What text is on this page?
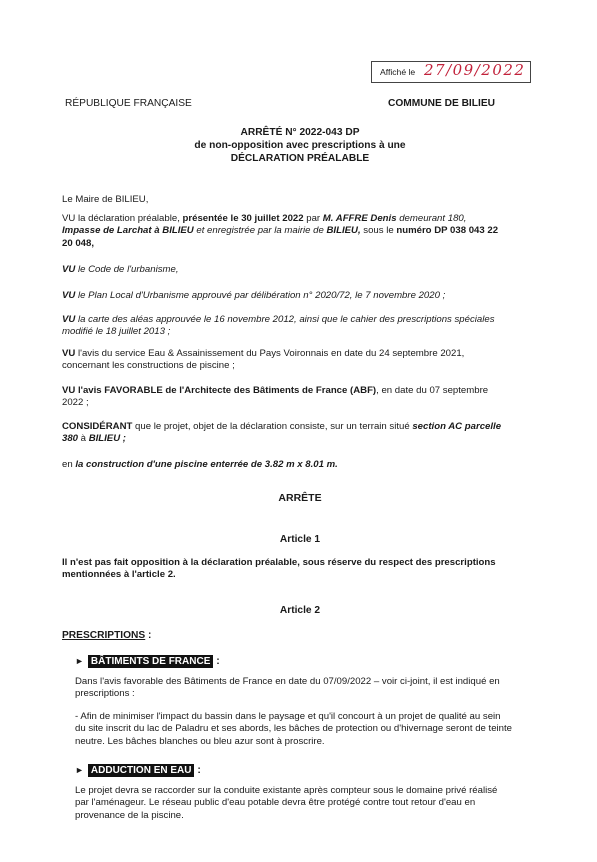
Affiché le 27/09/2022
RÉPUBLIQUE FRANÇAISE	COMMUNE DE BILIEU
ARRÊTÉ N° 2022-043 DP
de non-opposition avec prescriptions à une
DÉCLARATION PRÉALABLE
Le Maire de BILIEU,
VU la déclaration préalable, présentée le 30 juillet 2022 par M. AFFRE Denis demeurant 180,
Impasse de Larchat à BILIEU et enregistrée par la mairie de BILIEU, sous le numéro DP 038 043 22
20 048,
VU le Code de l'urbanisme,
VU le Plan Local d'Urbanisme approuvé par délibération n° 2020/72, le 7 novembre 2020 ;
VU la carte des aléas approuvée le 16 novembre 2012, ainsi que le cahier des prescriptions spéciales
modifié le 18 juillet 2013 ;
VU l'avis du service Eau & Assainissement du Pays Voironnais en date du 24 septembre 2021,
concernant les constructions de piscine ;
VU l'avis FAVORABLE de l'Architecte des Bâtiments de France (ABF), en date du 07 septembre
2022 ;
CONSIDÉRANT que le projet, objet de la déclaration consiste, sur un terrain situé section AC parcelle
380 à BILIEU ;
en la construction d'une piscine enterrée de 3.82 m x 8.01 m.
ARRÊTE
Article 1
Il n'est pas fait opposition à la déclaration préalable, sous réserve du respect des prescriptions
mentionnées à l'article 2.
Article 2
PRESCRIPTIONS :
► BÂTIMENTS DE FRANCE :
Dans l'avis favorable des Bâtiments de France en date du 07/09/2022 – voir ci-joint, il est indiqué en
prescriptions :
- Afin de minimiser l'impact du bassin dans le paysage et qu'il concourt à un projet de qualité au sein
du site inscrit du lac de Paladru et ses abords, les bâches de protection ou d'hivernage seront de teinte
neutre. Les bâches blanches ou bleu azur sont à proscrire.
► ADDUCTION EN EAU :
Le projet devra se raccorder sur la conduite existante après compteur sous le domaine privé réalisé
par l'aménageur. Le réseau public d'eau potable devra être protégé contre tout retour d'eau en
provenance de la piscine.
